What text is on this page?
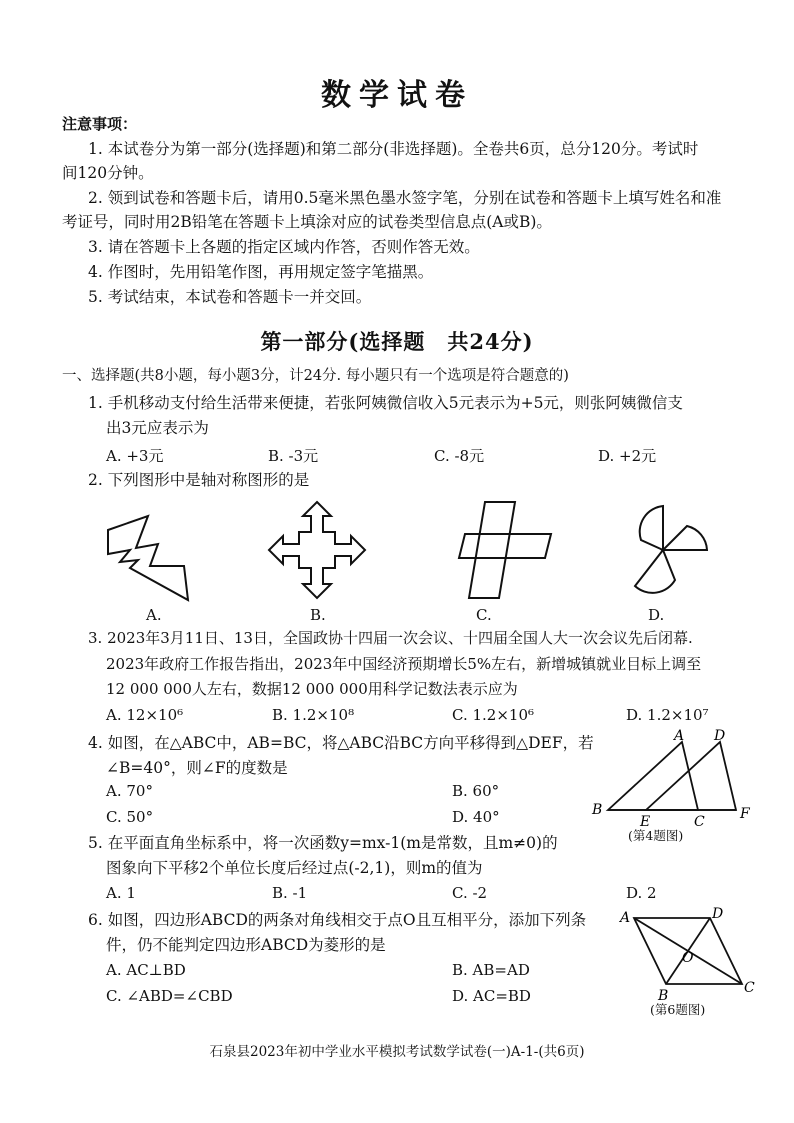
数学试卷
注意事项：
1. 本试卷分为第一部分(选择题)和第二部分(非选择题)。全卷共6页，总分120分。考试时
间120分钟。
2. 领到试卷和答题卡后，请用0.5毫米黑色墨水签字笔，分别在试卷和答题卡上填写姓名和准
考证号，同时用2B铅笔在答题卡上填涂对应的试卷类型信息点(A或B)。
3. 请在答题卡上各题的指定区域内作答，否则作答无效。
4. 作图时，先用铅笔作图，再用规定签字笔描黑。
5. 考试结束，本试卷和答题卡一并交回。
第一部分(选择题　共24分)
一、选择题(共8小题，每小题3分，计24分. 每小题只有一个选项是符合题意的)
1. 手机移动支付给生活带来便捷，若张阿姨微信收入5元表示为+5元，则张阿姨微信支
出3元应表示为
A. +3元	B. -3元	C. -8元	D. +2元
2. 下列图形中是轴对称图形的是
A.	B.	C.	D.
3. 2023年3月11日、13日，全国政协十四届一次会议、十四届全国人大一次会议先后闭幕.
2023年政府工作报告指出，2023年中国经济预期增长5%左右，新增城镇就业目标上调至
12 000 000人左右，数据12 000 000用科学记数法表示应为
A. 12×10⁶	B. 1.2×10⁸	C. 1.2×10⁶	D. 1.2×10⁷
4. 如图，在△ABC中，AB=BC，将△ABC沿BC方向平移得到△DEF，若
∠B=40°，则∠F的度数是
A. 70°	B. 60°
C. 50°	D. 40°
A D
B
E	C	F
(第4题图)
5. 在平面直角坐标系中，将一次函数y=mx-1(m是常数，且m≠0)的
图象向下平移2个单位长度后经过点(-2,1)，则m的值为
A. 1	B. -1	C. -2	D. 2
6. 如图，四边形ABCD的两条对角线相交于点O且互相平分，添加下列条
件，仍不能判定四边形ABCD为菱形的是
A. AC⊥BD	B. AB=AD
C. ∠ABD=∠CBD	D. AC=BD
A	D
O
B	C
(第6题图)
石泉县2023年初中学业水平模拟考试数学试卷(一)A-1-(共6页)
